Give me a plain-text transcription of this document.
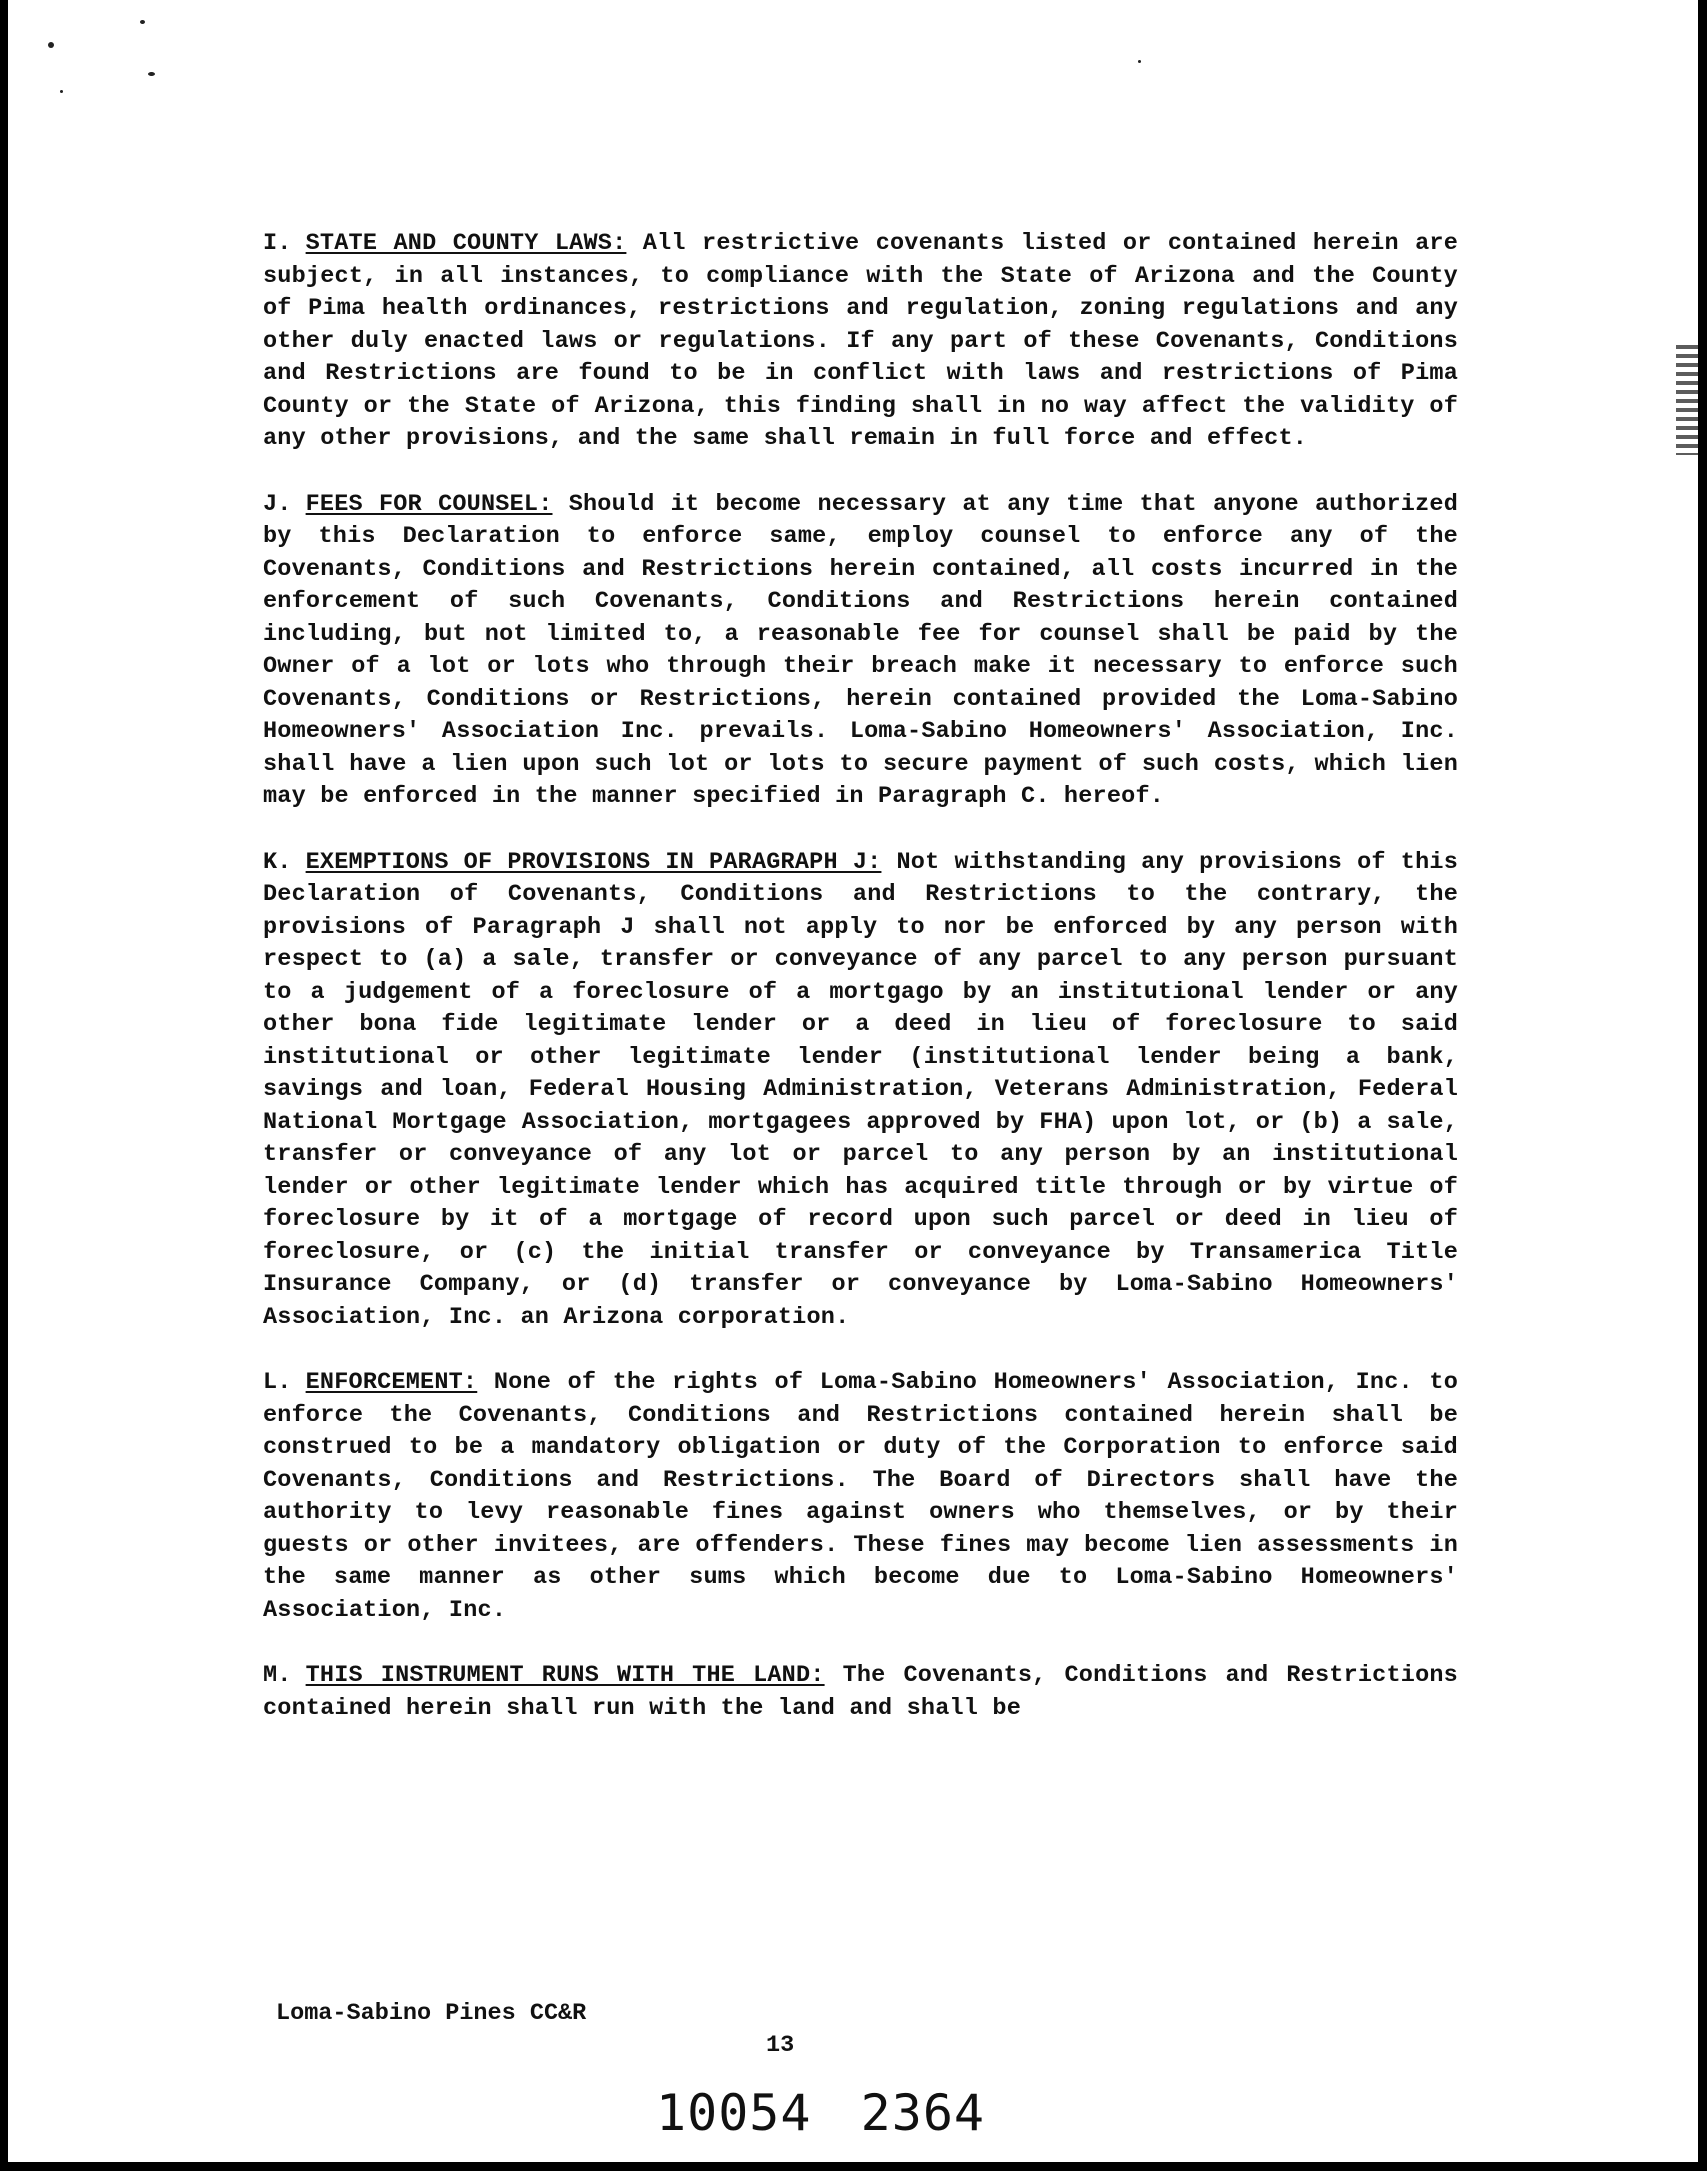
I. STATE AND COUNTY LAWS: All restrictive covenants listed or contained herein are subject, in all instances, to compliance with the State of Arizona and the County of Pima health ordinances, restrictions and regulation, zoning regulations and any other duly enacted laws or regulations. If any part of these Covenants, Conditions and Restrictions are found to be in conflict with laws and restrictions of Pima County or the State of Arizona, this finding shall in no way affect the validity of any other provisions, and the same shall remain in full force and effect.

J. FEES FOR COUNSEL: Should it become necessary at any time that anyone authorized by this Declaration to enforce same, employ counsel to enforce any of the Covenants, Conditions and Restrictions herein contained, all costs incurred in the enforcement of such Covenants, Conditions and Restrictions herein contained including, but not limited to, a reasonable fee for counsel shall be paid by the Owner of a lot or lots who through their breach make it necessary to enforce such Covenants, Conditions or Restrictions, herein contained provided the Loma-Sabino Homeowners' Association Inc. prevails. Loma-Sabino Homeowners' Association, Inc. shall have a lien upon such lot or lots to secure payment of such costs, which lien may be enforced in the manner specified in Paragraph C. hereof.

K. EXEMPTIONS OF PROVISIONS IN PARAGRAPH J: Not withstanding any provisions of this Declaration of Covenants, Conditions and Restrictions to the contrary, the provisions of Paragraph J shall not apply to nor be enforced by any person with respect to (a) a sale, transfer or conveyance of any parcel to any person pursuant to a judgement of a foreclosure of a mortgago by an institutional lender or any other bona fide legitimate lender or a deed in lieu of foreclosure to said institutional or other legitimate lender (institutional lender being a bank, savings and loan, Federal Housing Administration, Veterans Administration, Federal National Mortgage Association, mortgagees approved by FHA) upon lot, or (b) a sale, transfer or conveyance of any lot or parcel to any person by an institutional lender or other legitimate lender which has acquired title through or by virtue of foreclosure by it of a mortgage of record upon such parcel or deed in lieu of foreclosure, or (c) the initial transfer or conveyance by Transamerica Title Insurance Company, or (d) transfer or conveyance by Loma-Sabino Homeowners' Association, Inc. an Arizona corporation.

L. ENFORCEMENT: None of the rights of Loma-Sabino Homeowners' Association, Inc. to enforce the Covenants, Conditions and Restrictions contained herein shall be construed to be a mandatory obligation or duty of the Corporation to enforce said Covenants, Conditions and Restrictions. The Board of Directors shall have the authority to levy reasonable fines against owners who themselves, or by their guests or other invitees, are offenders. These fines may become lien assessments in the same manner as other sums which become due to Loma-Sabino Homeowners' Association, Inc.

M. THIS INSTRUMENT RUNS WITH THE LAND: The Covenants, Conditions and Restrictions contained herein shall run with the land and shall be

Loma-Sabino Pines CC&R
13
10054 2364
